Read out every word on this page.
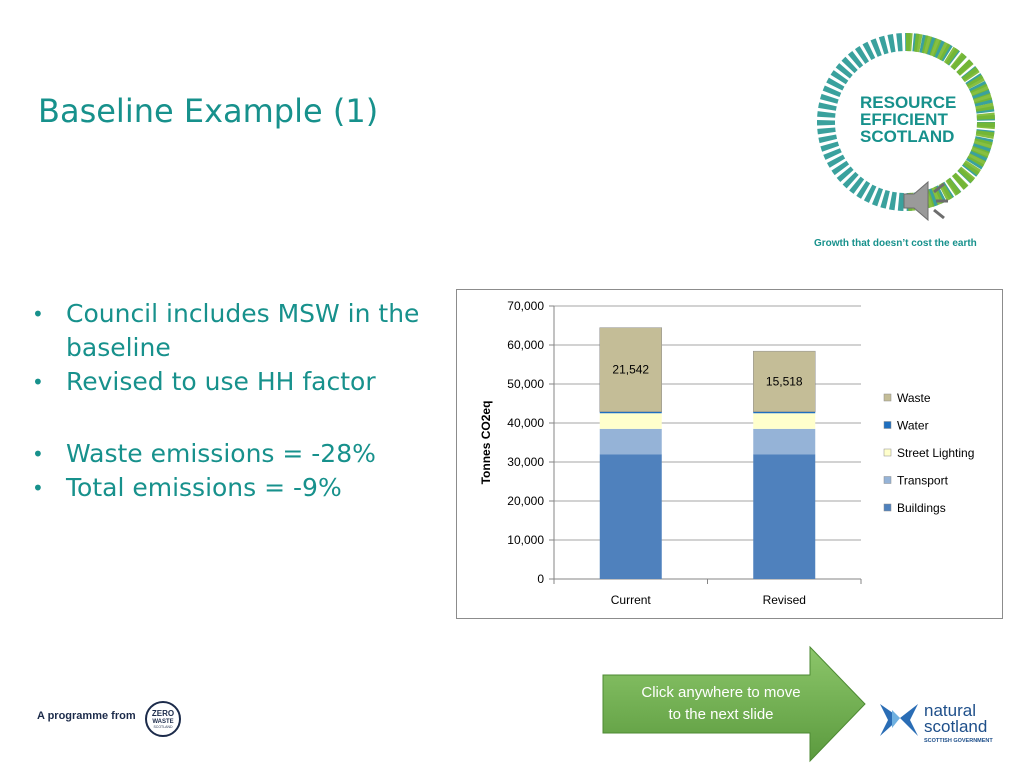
Baseline Example (1)
• Council includes MSW in the baseline
• Revised to use HH factor
• Waste emissions = -28%
• Total emissions = -9%
70,000
60,000
50,000
40,000
30,000
20,000
10,000
0
Tonnes CO2eq
21,542
Current
15,518
Revised
Waste
Water
Street Lighting
Transport
Buildings
RESOURCE
EFFICIENT
SCOTLAND
Growth that doesn’t cost the earth
Click anywhere to move
to the next slide
A programme from ZERO
WASTE
SCOTLAND
natural
scotland
SCOTTISH GOVERNMENT
